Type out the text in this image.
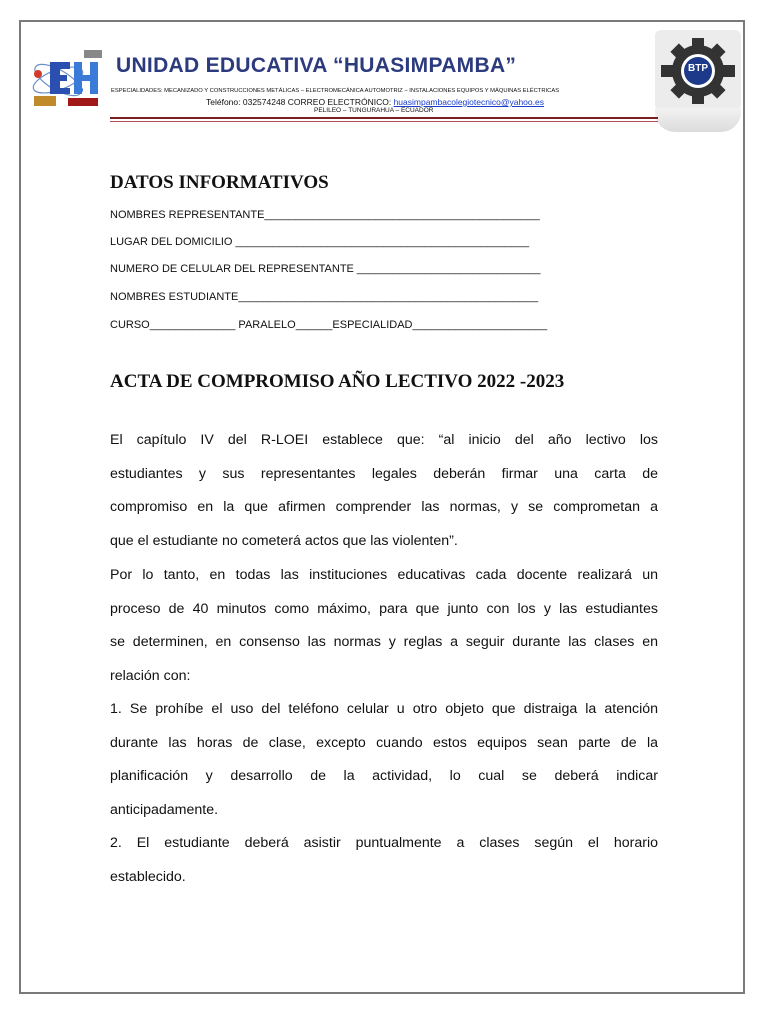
BTP
UNIDAD EDUCATIVA “HUASIMPAMBA”
ESPECIALIDADES: MECANIZADO Y CONSTRUCCIONES METÁLICAS – ELECTROMECÁNICA AUTOMOTRIZ – INSTALACIONES EQUIPOS Y MÁQUINAS ELÉCTRICAS
Teléfono: 032574248 CORREO ELECTRÓNICO: huasimpambacolegiotecnico@yahoo.es
PELILEO – TUNGURAHUA – ECUADOR
DATOS INFORMATIVOS
NOMBRES REPRESENTANTE_____________________________________________
LUGAR DEL DOMICILIO ________________________________________________
NUMERO DE CELULAR DEL REPRESENTANTE ______________________________
NOMBRES ESTUDIANTE_________________________________________________
CURSO______________ PARALELO______ESPECIALIDAD______________________
ACTA DE COMPROMISO AÑO LECTIVO 2022 -2023
El capítulo IV del R-LOEI establece que: “al inicio del año lectivo los
estudiantes y sus representantes legales deberán firmar una carta de
compromiso en la que afirmen comprender las normas, y se comprometan a
que el estudiante no cometerá actos que las violenten”.
Por lo tanto, en todas las instituciones educativas cada docente realizará un
proceso de 40 minutos como máximo, para que junto con los y las estudiantes
se determinen, en consenso las normas y reglas a seguir durante las clases en
relación con:
1. Se prohíbe el uso del teléfono celular u otro objeto que distraiga la atención
durante las horas de clase, excepto cuando estos equipos sean parte de la
planificación y desarrollo de la actividad, lo cual se deberá indicar
anticipadamente.
2. El estudiante deberá asistir puntualmente a clases según el horario
establecido.
